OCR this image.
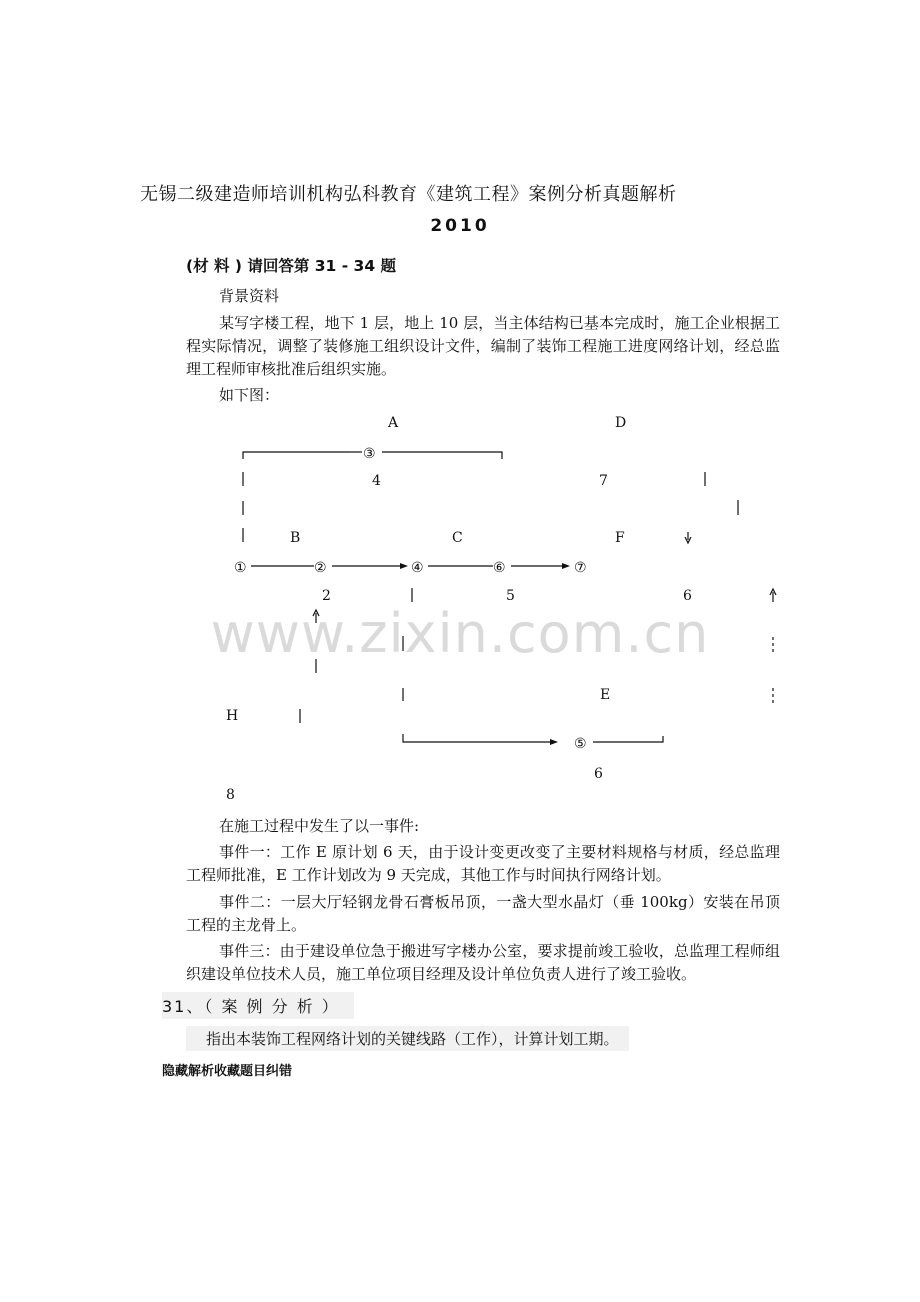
无锡二级建造师培训机构弘科教育《建筑工程》案例分析真题解析
2010
(材 料 ) 请回答第 31 - 34 题
背景资料
某写字楼工程，地下 1 层，地上 10 层，当主体结构已基本完成时，施工企业根据工程实际情况，调整了装修施工组织设计文件，编制了装饰工程施工进度网络计划，经总监理工程师审核批准后组织实施。
如下图：
③
①	②	④	⑥	⑦
⑤
A
4
D
7
B
2
C
5
F
6
E
6
H
8
www.zixin.com.cn
在施工过程中发生了以一事件:
事件一：工作 E 原计划 6 天，由于设计变更改变了主要材料规格与材质，经总监理工程师批准，E 工作计划改为 9 天完成，其他工作与时间执行网络计划。
事件二：一层大厅轻钢龙骨石膏板吊顶，一盏大型水晶灯（垂 100kg）安装在吊顶工程的主龙骨上。
事件三：由于建设单位急于搬进写字楼办公室，要求提前竣工验收，总监理工程师组织建设单位技术人员，施工单位项目经理及设计单位负责人进行了竣工验收。
31、（ 案 例 分 析 ）
指出本装饰工程网络计划的关键线路（工作），计算计划工期。
隐藏解析收藏题目纠错
